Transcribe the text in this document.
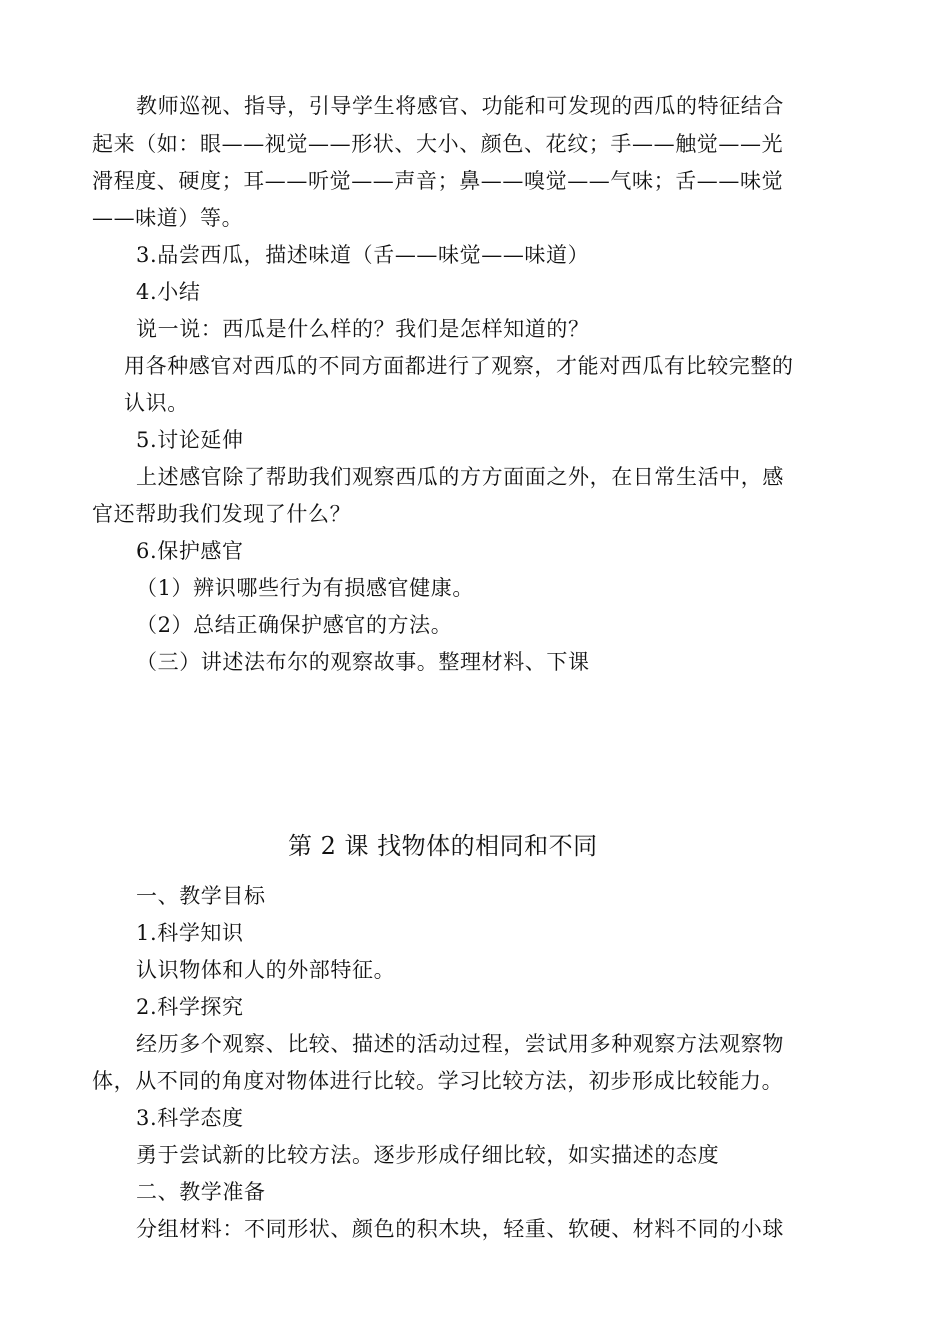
教师巡视、指导，引导学生将感官、功能和可发现的西瓜的特征结合
起来（如：眼——视觉——形状、大小、颜色、花纹；手——触觉——光
滑程度、硬度；耳——听觉——声音；鼻——嗅觉——气味；舌——味觉
——味道）等。
3.品尝西瓜，描述味道（舌——味觉——味道）
4.小结
说一说：西瓜是什么样的？我们是怎样知道的？
用各种感官对西瓜的不同方面都进行了观察，才能对西瓜有比较完整的
认识。
5.讨论延伸
上述感官除了帮助我们观察西瓜的方方面面之外，在日常生活中，感
官还帮助我们发现了什么？
6.保护感官
（1）辨识哪些行为有损感官健康。
（2）总结正确保护感官的方法。
（三）讲述法布尔的观察故事。整理材料、下课
第 2 课 找物体的相同和不同
一、教学目标
1.科学知识
认识物体和人的外部特征。
2.科学探究
经历多个观察、比较、描述的活动过程，尝试用多种观察方法观察物
体，从不同的角度对物体进行比较。学习比较方法，初步形成比较能力。
3.科学态度
勇于尝试新的比较方法。逐步形成仔细比较，如实描述的态度
二、教学准备
分组材料：不同形状、颜色的积木块，轻重、软硬、材料不同的小球
